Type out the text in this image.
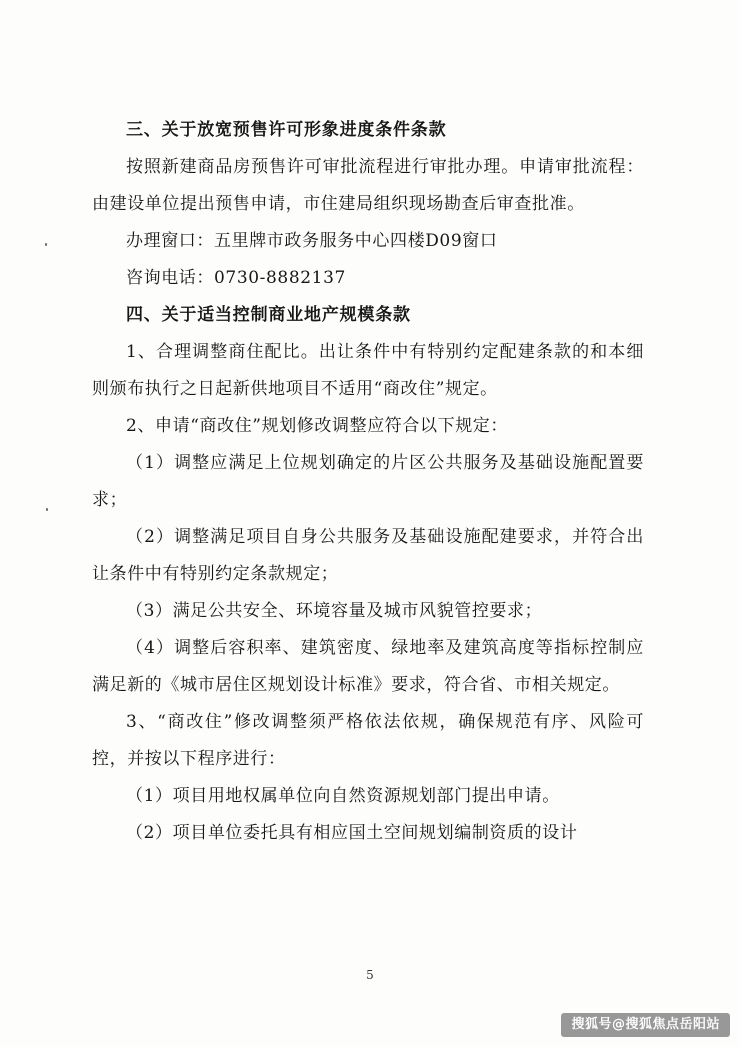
三、关于放宽预售许可形象进度条件条款

按照新建商品房预售许可审批流程进行审批办理。申请审批流程：由建设单位提出预售申请，市住建局组织现场勘查后审查批准。

办理窗口：五里牌市政务服务中心四楼D09窗口

咨询电话：0730-8882137

四、关于适当控制商业地产规模条款

1、合理调整商住配比。出让条件中有特别约定配建条款的和本细则颁布执行之日起新供地项目不适用“商改住”规定。

2、申请“商改住”规划修改调整应符合以下规定：

（1）调整应满足上位规划确定的片区公共服务及基础设施配置要求；

（2）调整满足项目自身公共服务及基础设施配建要求，并符合出让条件中有特别约定条款规定；

（3）满足公共安全、环境容量及城市风貌管控要求；

（4）调整后容积率、建筑密度、绿地率及建筑高度等指标控制应满足新的《城市居住区规划设计标准》要求，符合省、市相关规定。

3、“商改住”修改调整须严格依法依规，确保规范有序、风险可控，并按以下程序进行：

（1）项目用地权属单位向自然资源规划部门提出申请。

（2）项目单位委托具有相应国土空间规划编制资质的设计

5
搜狐号@搜狐焦点岳阳站
